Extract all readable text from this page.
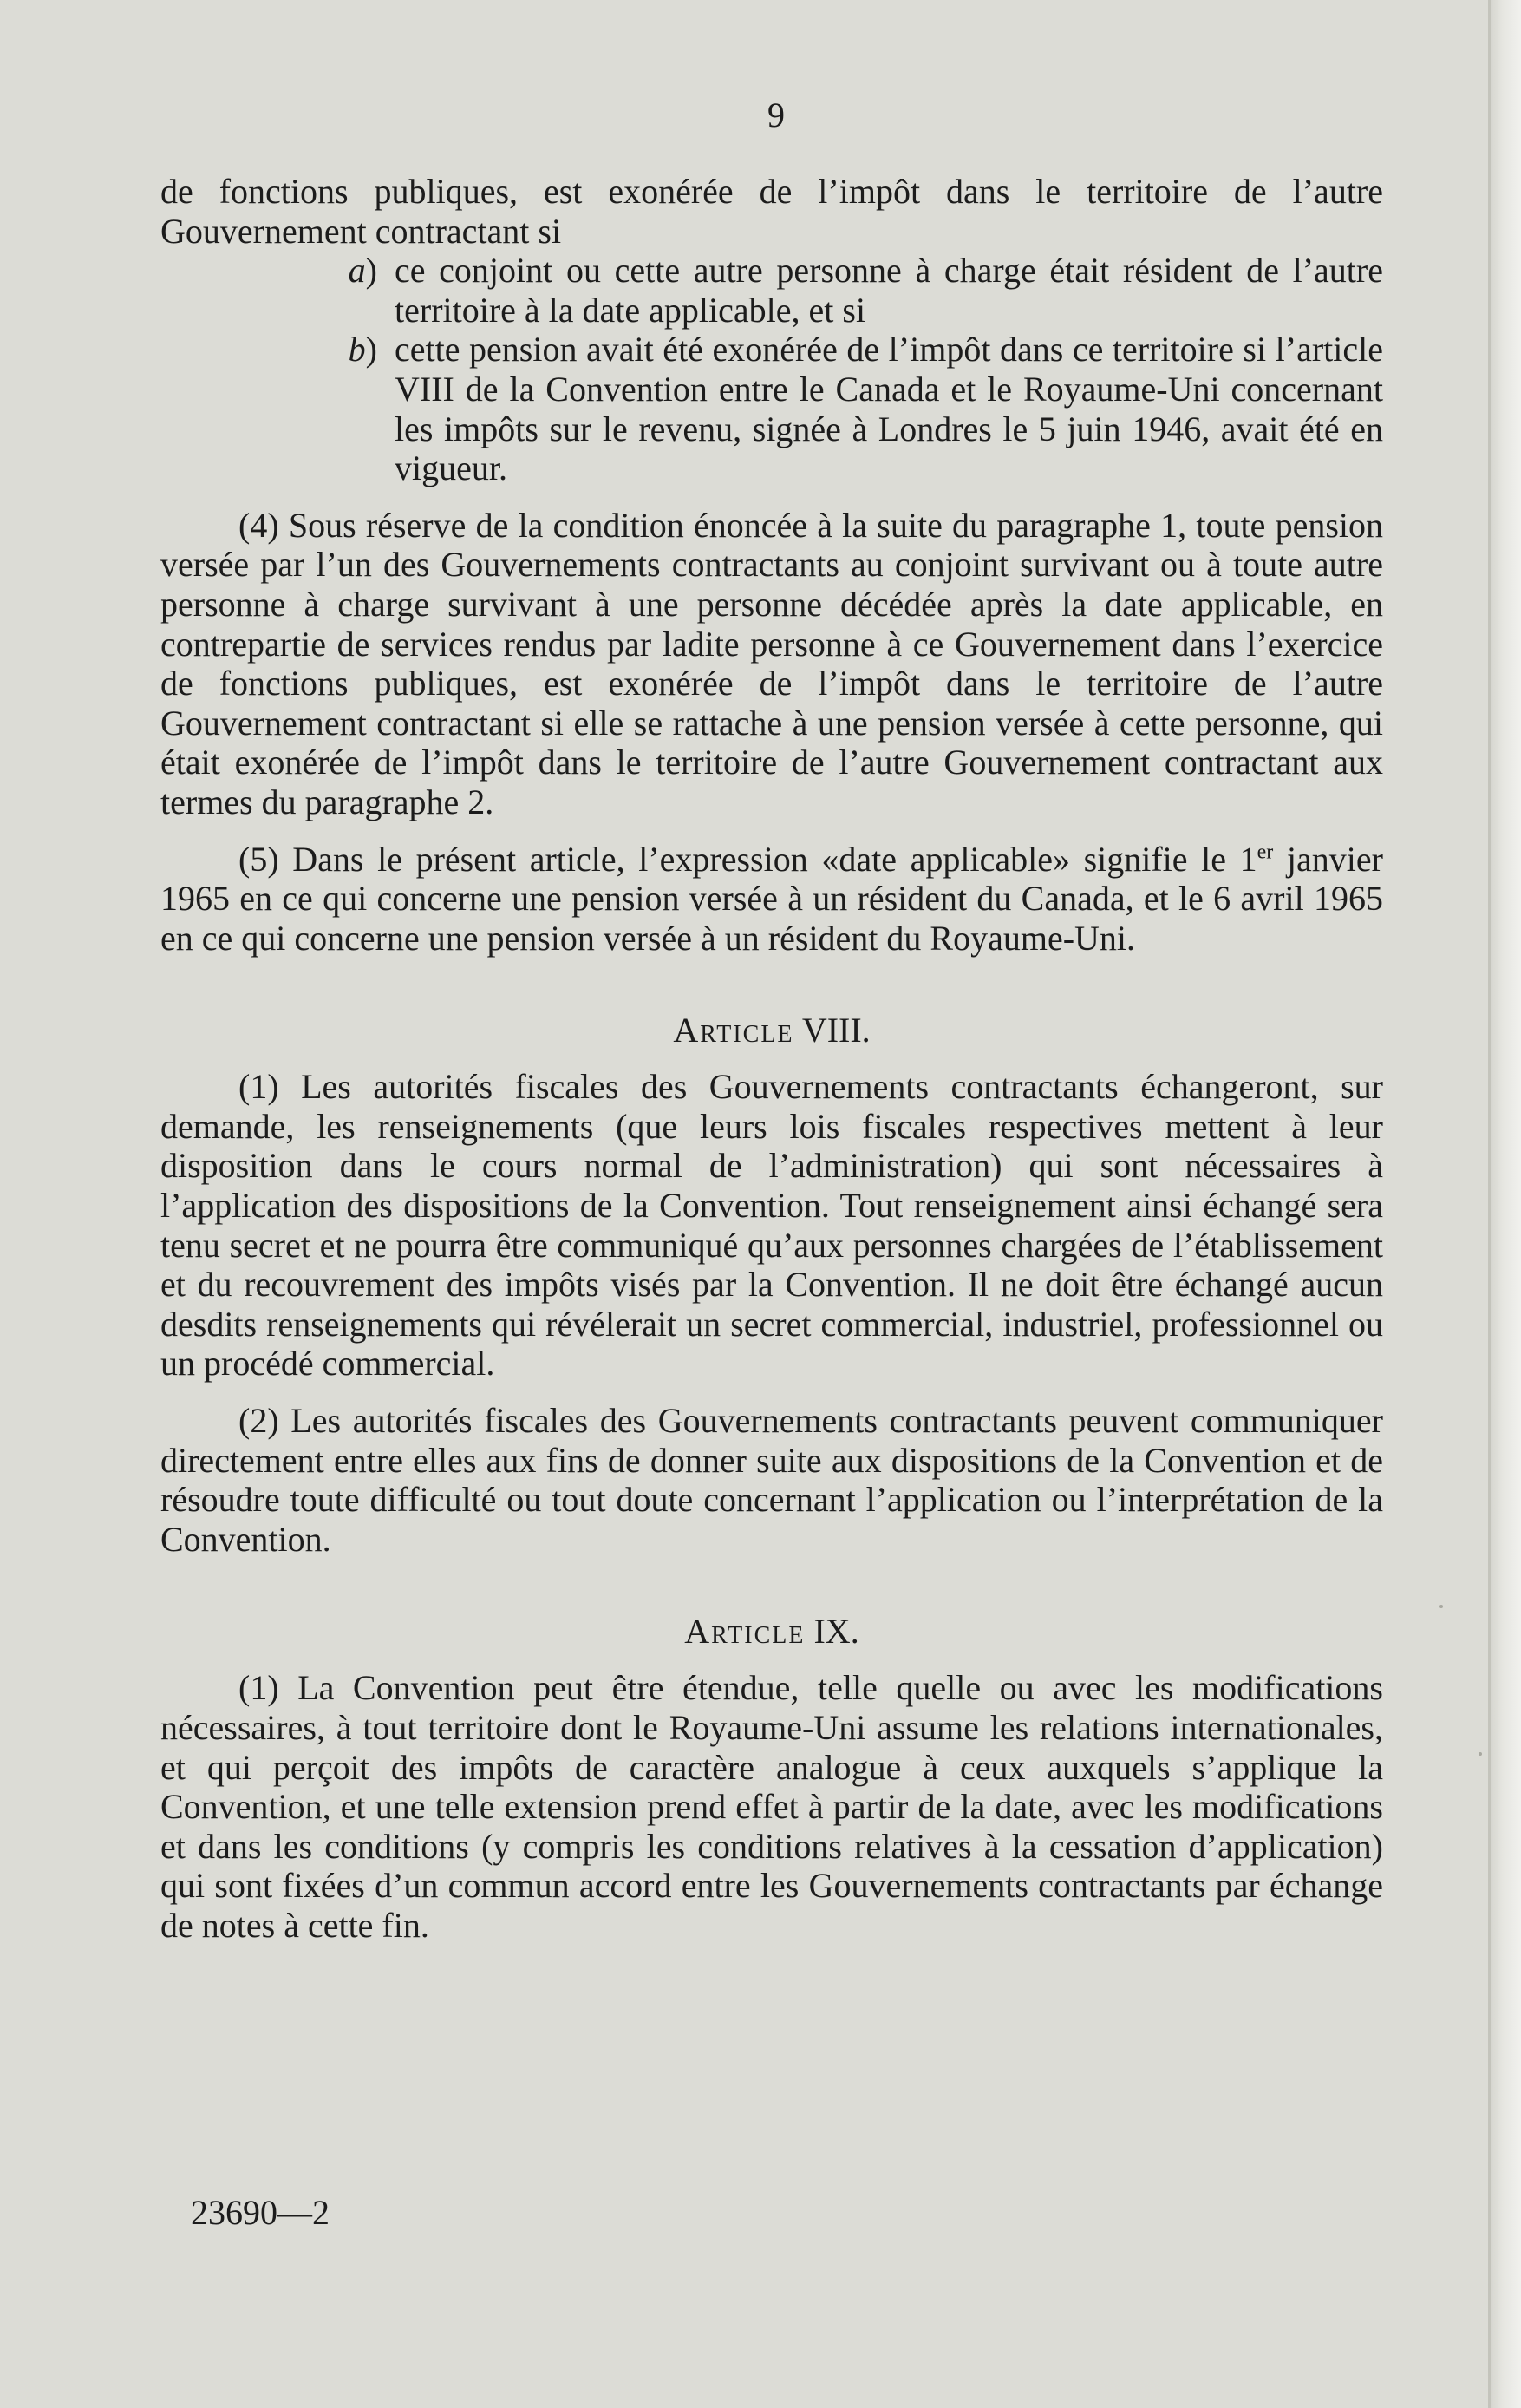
9

de fonctions publiques, est exonérée de l’impôt dans le territoire de l’autre Gouvernement contractant si

a) ce conjoint ou cette autre personne à charge était résident de l’autre territoire à la date applicable, et si
b) cette pension avait été exonérée de l’impôt dans ce territoire si l’article VIII de la Convention entre le Canada et le Royaume-Uni concernant les impôts sur le revenu, signée à Londres le 5 juin 1946, avait été en vigueur.

(4) Sous réserve de la condition énoncée à la suite du paragraphe 1, toute pension versée par l’un des Gouvernements contractants au conjoint survivant ou à toute autre personne à charge survivant à une personne décédée après la date applicable, en contrepartie de services rendus par ladite personne à ce Gouvernement dans l’exercice de fonctions publiques, est exonérée de l’impôt dans le territoire de l’autre Gouvernement contractant si elle se rattache à une pension versée à cette personne, qui était exonérée de l’impôt dans le territoire de l’autre Gouvernement contractant aux termes du paragraphe 2.

(5) Dans le présent article, l’expression «date applicable» signifie le 1er janvier 1965 en ce qui concerne une pension versée à un résident du Canada, et le 6 avril 1965 en ce qui concerne une pension versée à un résident du Royaume-Uni.

Article VIII.

(1) Les autorités fiscales des Gouvernements contractants échangeront, sur demande, les renseignements (que leurs lois fiscales respectives mettent à leur disposition dans le cours normal de l’administration) qui sont nécessaires à l’application des dispositions de la Convention. Tout renseignement ainsi échangé sera tenu secret et ne pourra être communiqué qu’aux personnes chargées de l’établissement et du recouvrement des impôts visés par la Convention. Il ne doit être échangé aucun desdits renseignements qui révélerait un secret commercial, industriel, professionnel ou un procédé commercial.

(2) Les autorités fiscales des Gouvernements contractants peuvent communiquer directement entre elles aux fins de donner suite aux dispositions de la Convention et de résoudre toute difficulté ou tout doute concernant l’application ou l’interprétation de la Convention.

Article IX.

(1) La Convention peut être étendue, telle quelle ou avec les modifications nécessaires, à tout territoire dont le Royaume-Uni assume les relations internationales, et qui perçoit des impôts de caractère analogue à ceux auxquels s’applique la Convention, et une telle extension prend effet à partir de la date, avec les modifications et dans les conditions (y compris les conditions relatives à la cessation d’application) qui sont fixées d’un commun accord entre les Gouvernements contractants par échange de notes à cette fin.

23690—2
